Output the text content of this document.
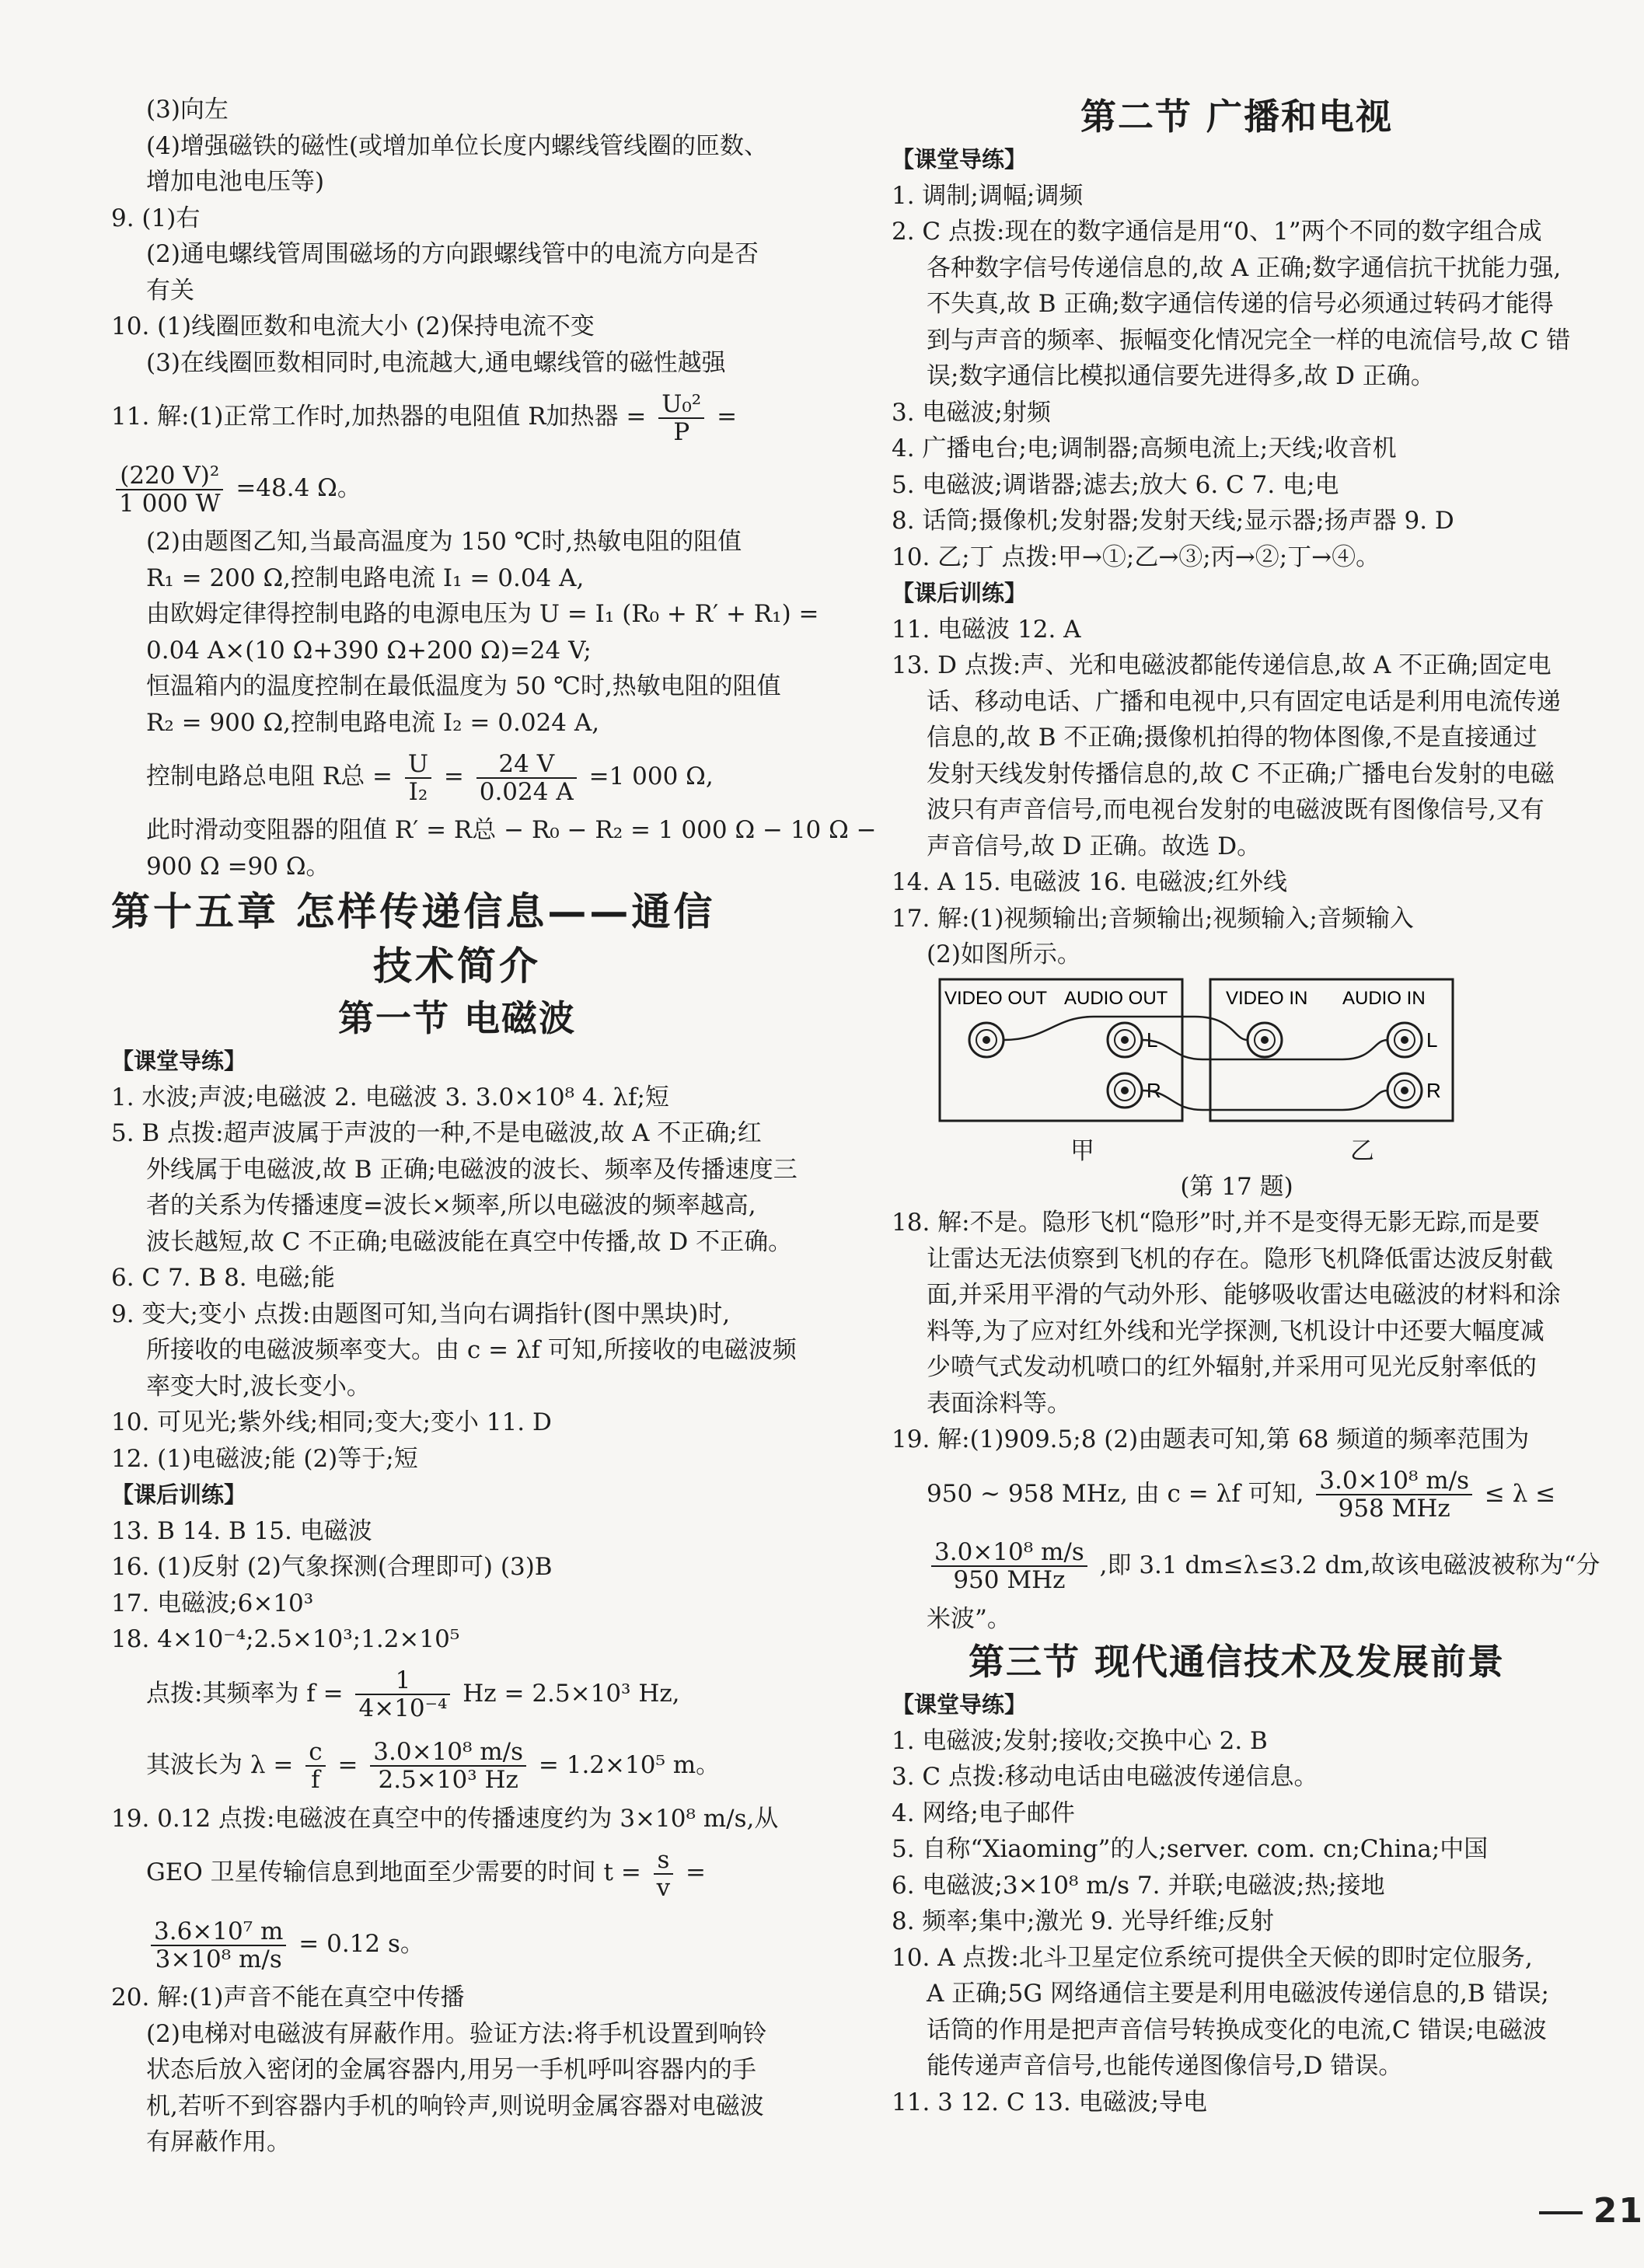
(3)向左
(4)增强磁铁的磁性(或增加单位长度内螺线管线圈的匝数、
增加电池电压等)
9. (1)右
(2)通电螺线管周围磁场的方向跟螺线管中的电流方向是否
有关
10. (1)线圈匝数和电流大小 (2)保持电流不变
(3)在线圈匝数相同时,电流越大,通电螺线管的磁性越强
11. 解:(1)正常工作时,加热器的电阻值 R加热器 = $\frac{\text{U₀²}}{P}$ =
$\frac{\text{(220 V)²}}{1 000 W} =48.4$ Ω。
(2)由题图乙知,当最高温度为 150 ℃时,热敏电阻的阻值
R₁ = 200 Ω,控制电路电流 I₁ = 0.04 A,
由欧姆定律得控制电路的电源电压为 U = I₁ (R₀ + R′ + R₁) =
0.04 A×(10 Ω+390 Ω+200 Ω)=24 V;
恒温箱内的温度控制在最低温度为 50 ℃时,热敏电阻的阻值
R₂ = 900 Ω,控制电路电流 I₂ = 0.024 A,
控制电路总电阻 R总 = $\frac{U}{\text{I₂}} = \frac{24 V}{0.024 A} =1$ 000 Ω,
此时滑动变阻器的阻值 R′ = R总 − R₀ − R₂ = 1 000 Ω − 10 Ω −
900 Ω =90 Ω。
第十五章 怎样传递信息——通信
技术简介
第一节 电磁波
【课堂导练】
1. 水波;声波;电磁波 2. 电磁波 3. 3.0×10⁸ 4. λf;短
5. B 点拨:超声波属于声波的一种,不是电磁波,故 A 不正确;红
外线属于电磁波,故 B 正确;电磁波的波长、频率及传播速度三
者的关系为传播速度=波长×频率,所以电磁波的频率越高,
波长越短,故 C 不正确;电磁波能在真空中传播,故 D 不正确。
6. C 7. B 8. 电磁;能
9. 变大;变小 点拨:由题图可知,当向右调指针(图中黑块)时,
所接收的电磁波频率变大。由 c = λf 可知,所接收的电磁波频
率变大时,波长变小。
10. 可见光;紫外线;相同;变大;变小 11. D
12. (1)电磁波;能 (2)等于;短
【课后训练】
13. B 14. B 15. 电磁波
16. (1)反射 (2)气象探测(合理即可) (3)B
17. 电磁波;6×10³
18. 4×10⁻⁴;2.5×10³;1.2×10⁵
点拨:其频率为 $f = \frac{1}{\text{4×10⁻⁴}}$ Hz = 2.5×10³ Hz,
其波长为 $\lambda = \frac{c}{f} = \frac{\text{3.0×10⁸ m/s}}{\text{2.5×10³ Hz}} = 1.2\times 10^5$ m。
19. 0.12 点拨:电磁波在真空中的传播速度约为 3×10⁸ m/s,从
GEO 卫星传输信息到地面至少需要的时间 $t = \frac{s}{v}$ =
$\frac{\text{3.6×10⁷ m}}{\text{3×10⁸ m/s}} = 0.12$ s。
20. 解:(1)声音不能在真空中传播
(2)电梯对电磁波有屏蔽作用。验证方法:将手机设置到响铃
状态后放入密闭的金属容器内,用另一手机呼叫容器内的手
机,若听不到容器内手机的响铃声,则说明金属容器对电磁波
有屏蔽作用。
第二节 广播和电视
【课堂导练】
1. 调制;调幅;调频
2. C 点拨:现在的数字通信是用“0、1”两个不同的数字组合成
各种数字信号传递信息的,故 A 正确;数字通信抗干扰能力强,
不失真,故 B 正确;数字通信传递的信号必须通过转码才能得
到与声音的频率、振幅变化情况完全一样的电流信号,故 C 错
误;数字通信比模拟通信要先进得多,故 D 正确。
3. 电磁波;射频
4. 广播电台;电;调制器;高频电流上;天线;收音机
5. 电磁波;调谐器;滤去;放大 6. C 7. 电;电
8. 话筒;摄像机;发射器;发射天线;显示器;扬声器 9. D
10. 乙;丁 点拨:甲→①;乙→③;丙→②;丁→④。
【课后训练】
11. 电磁波 12. A
13. D 点拨:声、光和电磁波都能传递信息,故 A 不正确;固定电
话、移动电话、广播和电视中,只有固定电话是利用电流传递
信息的,故 B 不正确;摄像机拍得的物体图像,不是直接通过
发射天线发射传播信息的,故 C 不正确;广播电台发射的电磁
波只有声音信号,而电视台发射的电磁波既有图像信号,又有
声音信号,故 D 正确。故选 D。
14. A 15. 电磁波 16. 电磁波;红外线
17. 解:(1)视频输出;音频输出;视频输入;音频输入
(2)如图所示。
VIDEO OUT AUDIO OUT	VIDEO IN AUDIO IN
L
R
L
R
甲	乙
(第 17 题)
18. 解:不是。隐形飞机“隐形”时,并不是变得无影无踪,而是要
让雷达无法侦察到飞机的存在。隐形飞机降低雷达波反射截
面,并采用平滑的气动外形、能够吸收雷达电磁波的材料和涂
料等,为了应对红外线和光学探测,飞机设计中还要大幅度减
少喷气式发动机喷口的红外辐射,并采用可见光反射率低的
表面涂料等。
19. 解:(1)909.5;8 (2)由题表可知,第 68 频道的频率范围为
950 ~ 958 MHz, 由 c = λf 可知, $\frac{\text{3.0×10⁸ m/s}}{\text{958 MHz}} \le \lambda$ ≤
$\frac{\text{3.0×10⁸ m/s}}{\text{950 MHz}}$ ,即 3.1 dm≤λ≤3.2 dm,故该电磁波被称为“分
米波”。
第三节 现代通信技术及发展前景
【课堂导练】
1. 电磁波;发射;接收;交换中心 2. B
3. C 点拨:移动电话由电磁波传递信息。
4. 网络;电子邮件
5. 自称“Xiaoming”的人;server. com. cn;China;中国
6. 电磁波;3×10⁸ m/s 7. 并联;电磁波;热;接地
8. 频率;集中;激光 9. 光导纤维;反射
10. A 点拨:北斗卫星定位系统可提供全天候的即时定位服务,
A 正确;5G 网络通信主要是利用电磁波传递信息的,B 错误;
话筒的作用是把声音信号转换成变化的电流,C 错误;电磁波
能传递声音信号,也能传递图像信号,D 错误。
11. 3 12. C 13. 电磁波;导电
21
